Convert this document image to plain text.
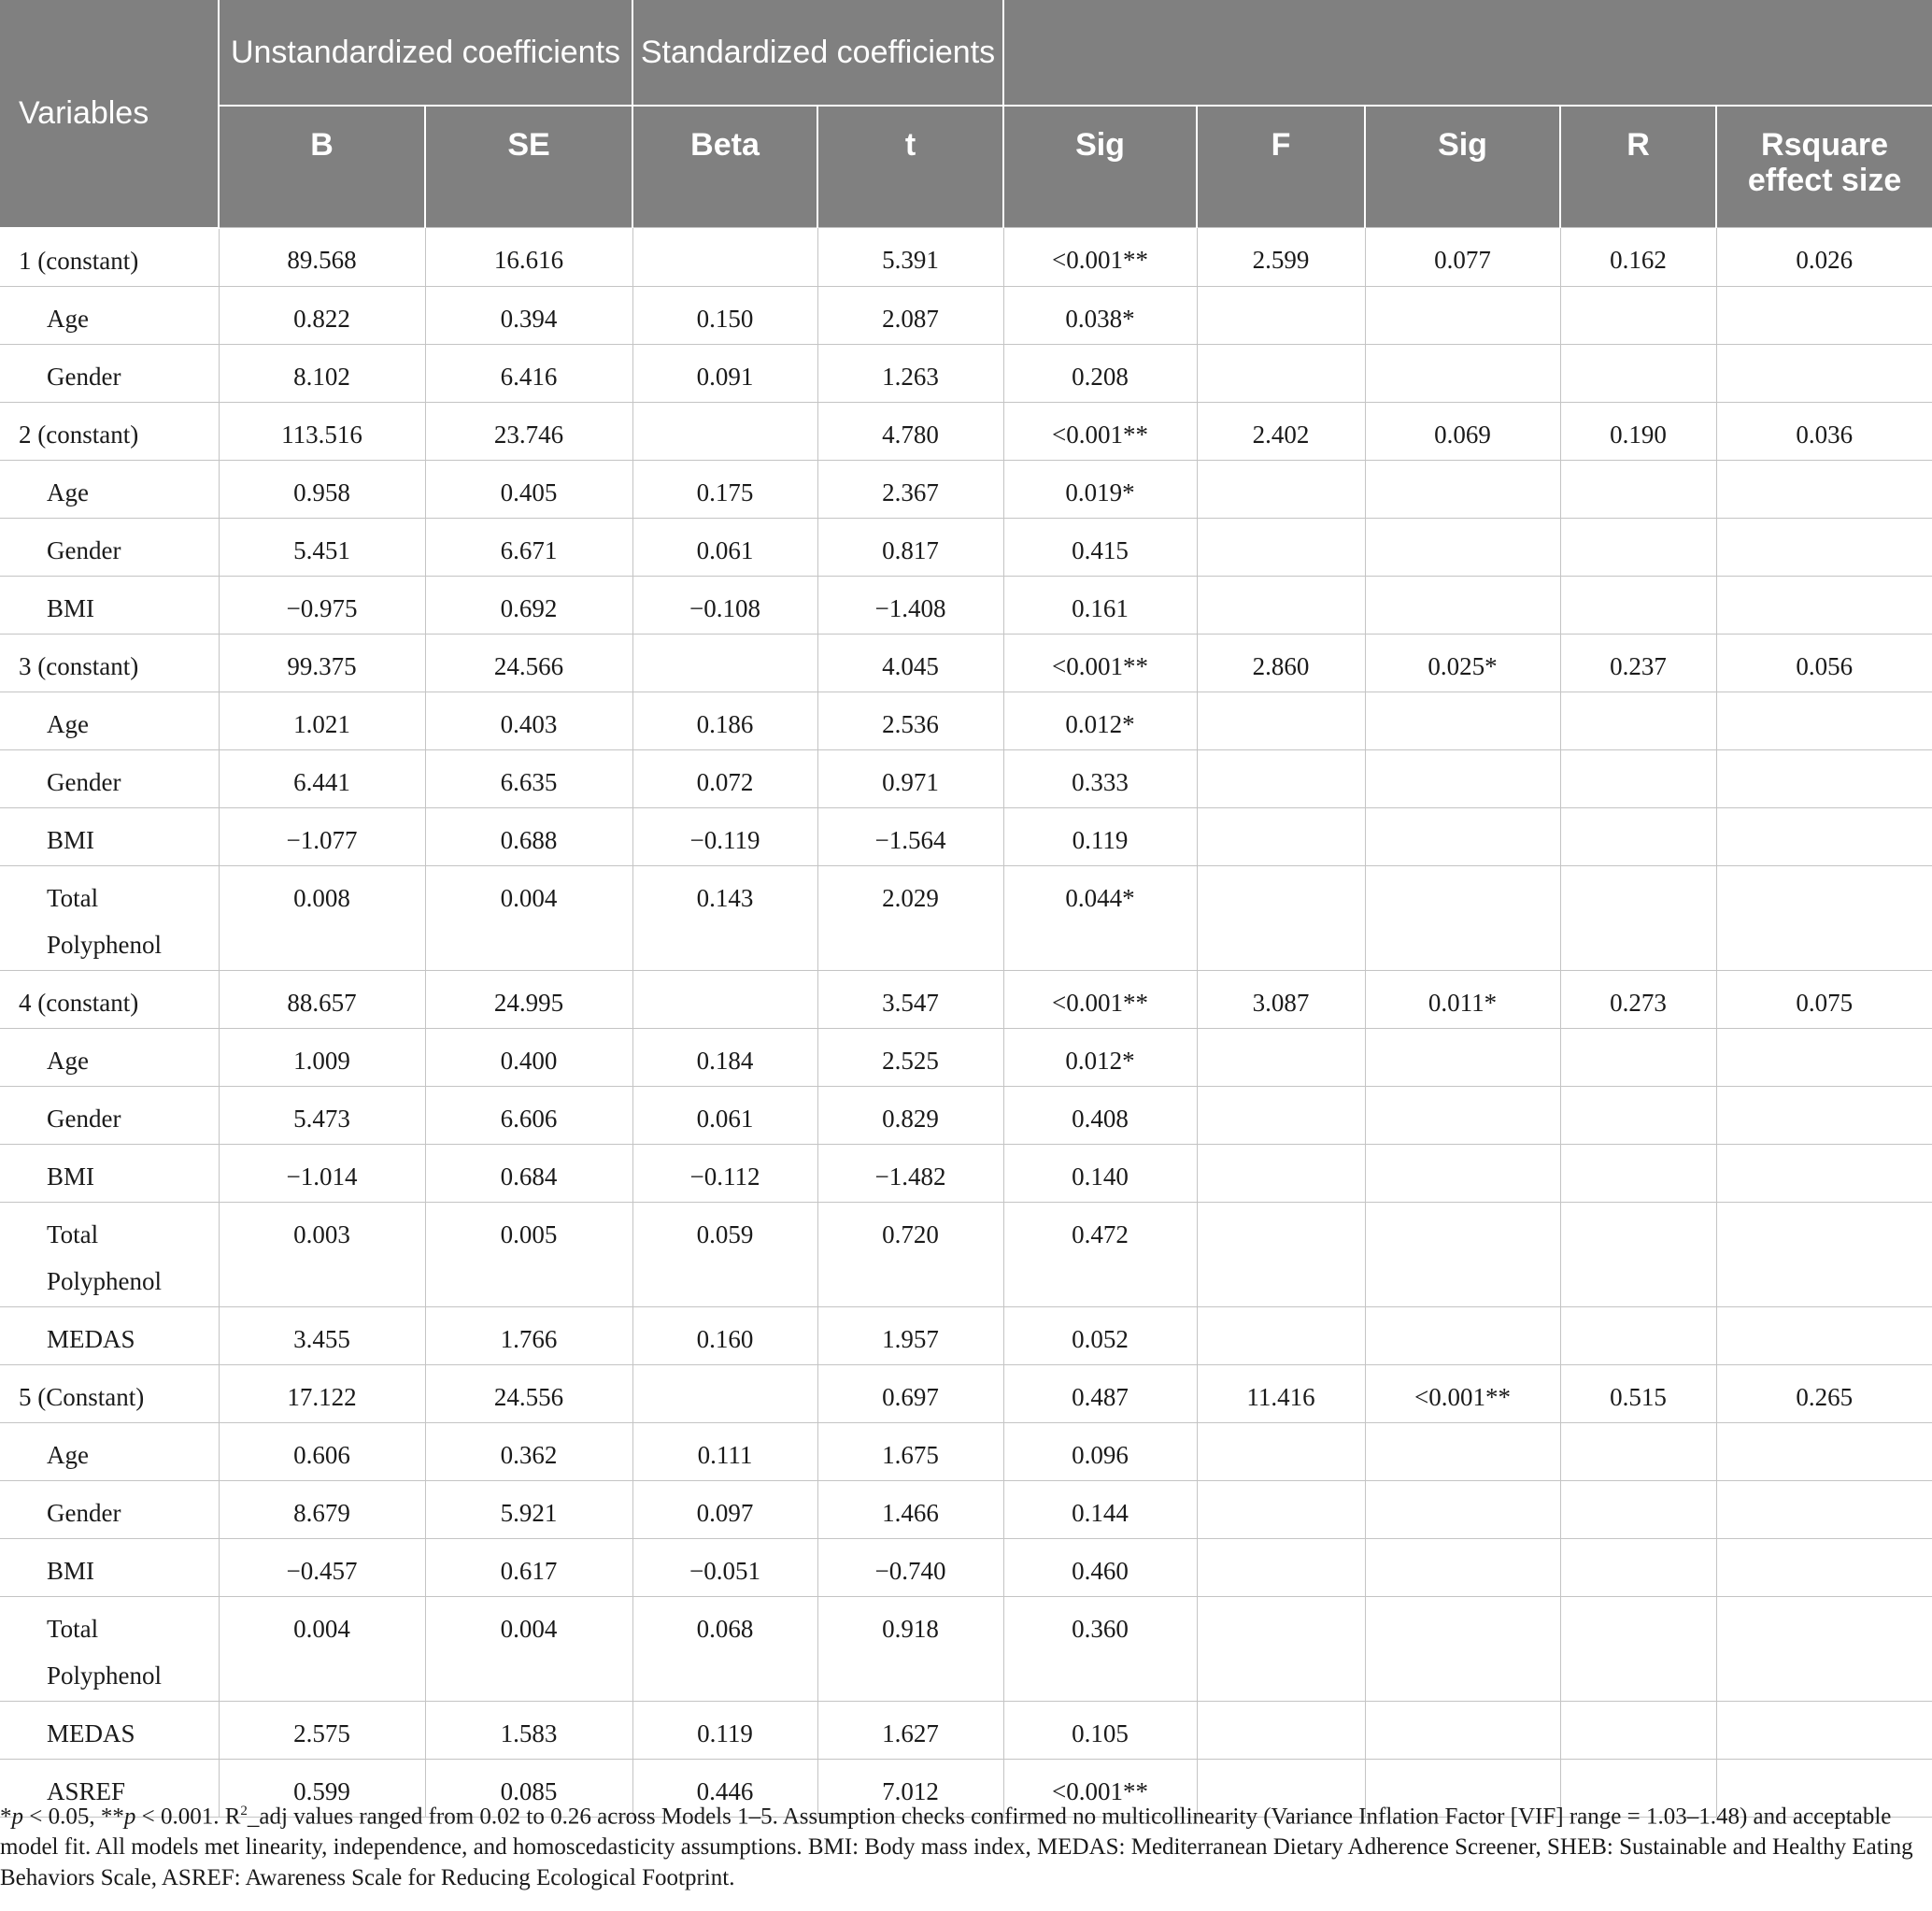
Variables	Unstandardized coefficients		Standardized coefficients						
	B	SE	Beta	t	Sig	F	Sig	R	Rsquare effect size
1 (constant)	89.568	16.616		5.391	<0.001**	2.599	0.077	0.162	0.026
Age	0.822	0.394	0.150	2.087	0.038*				
Gender	8.102	6.416	0.091	1.263	0.208				
2 (constant)	113.516	23.746		4.780	<0.001**	2.402	0.069	0.190	0.036
Age	0.958	0.405	0.175	2.367	0.019*				
Gender	5.451	6.671	0.061	0.817	0.415				
BMI	−0.975	0.692	−0.108	−1.408	0.161				
3 (constant)	99.375	24.566		4.045	<0.001**	2.860	0.025*	0.237	0.056
Age	1.021	0.403	0.186	2.536	0.012*				
Gender	6.441	6.635	0.072	0.971	0.333				
BMI	−1.077	0.688	−0.119	−1.564	0.119				
Total Polyphenol	0.008	0.004	0.143	2.029	0.044*				
4 (constant)	88.657	24.995		3.547	<0.001**	3.087	0.011*	0.273	0.075
Age	1.009	0.400	0.184	2.525	0.012*				
Gender	5.473	6.606	0.061	0.829	0.408				
BMI	−1.014	0.684	−0.112	−1.482	0.140				
Total Polyphenol	0.003	0.005	0.059	0.720	0.472				
MEDAS	3.455	1.766	0.160	1.957	0.052				
5 (Constant)	17.122	24.556		0.697	0.487	11.416	<0.001**	0.515	0.265
Age	0.606	0.362	0.111	1.675	0.096				
Gender	8.679	5.921	0.097	1.466	0.144				
BMI	−0.457	0.617	−0.051	−0.740	0.460				
Total Polyphenol	0.004	0.004	0.068	0.918	0.360				
MEDAS	2.575	1.583	0.119	1.627	0.105				
ASREF	0.599	0.085	0.446	7.012	<0.001**				
*p < 0.05, **p < 0.001. $R^2\_adj$ values ranged from 0.02 to 0.26 across Models 1–5. Assumption checks confirmed no multicollinearity (Variance Inflation Factor [VIF] range = 1.03–1.48) and acceptable model fit. All models met linearity, independence, and homoscedasticity assumptions. BMI: Body mass index, MEDAS: Mediterranean Dietary Adherence Screener, SHEB: Sustainable and Healthy Eating Behaviors Scale, ASREF: Awareness Scale for Reducing Ecological Footprint.
